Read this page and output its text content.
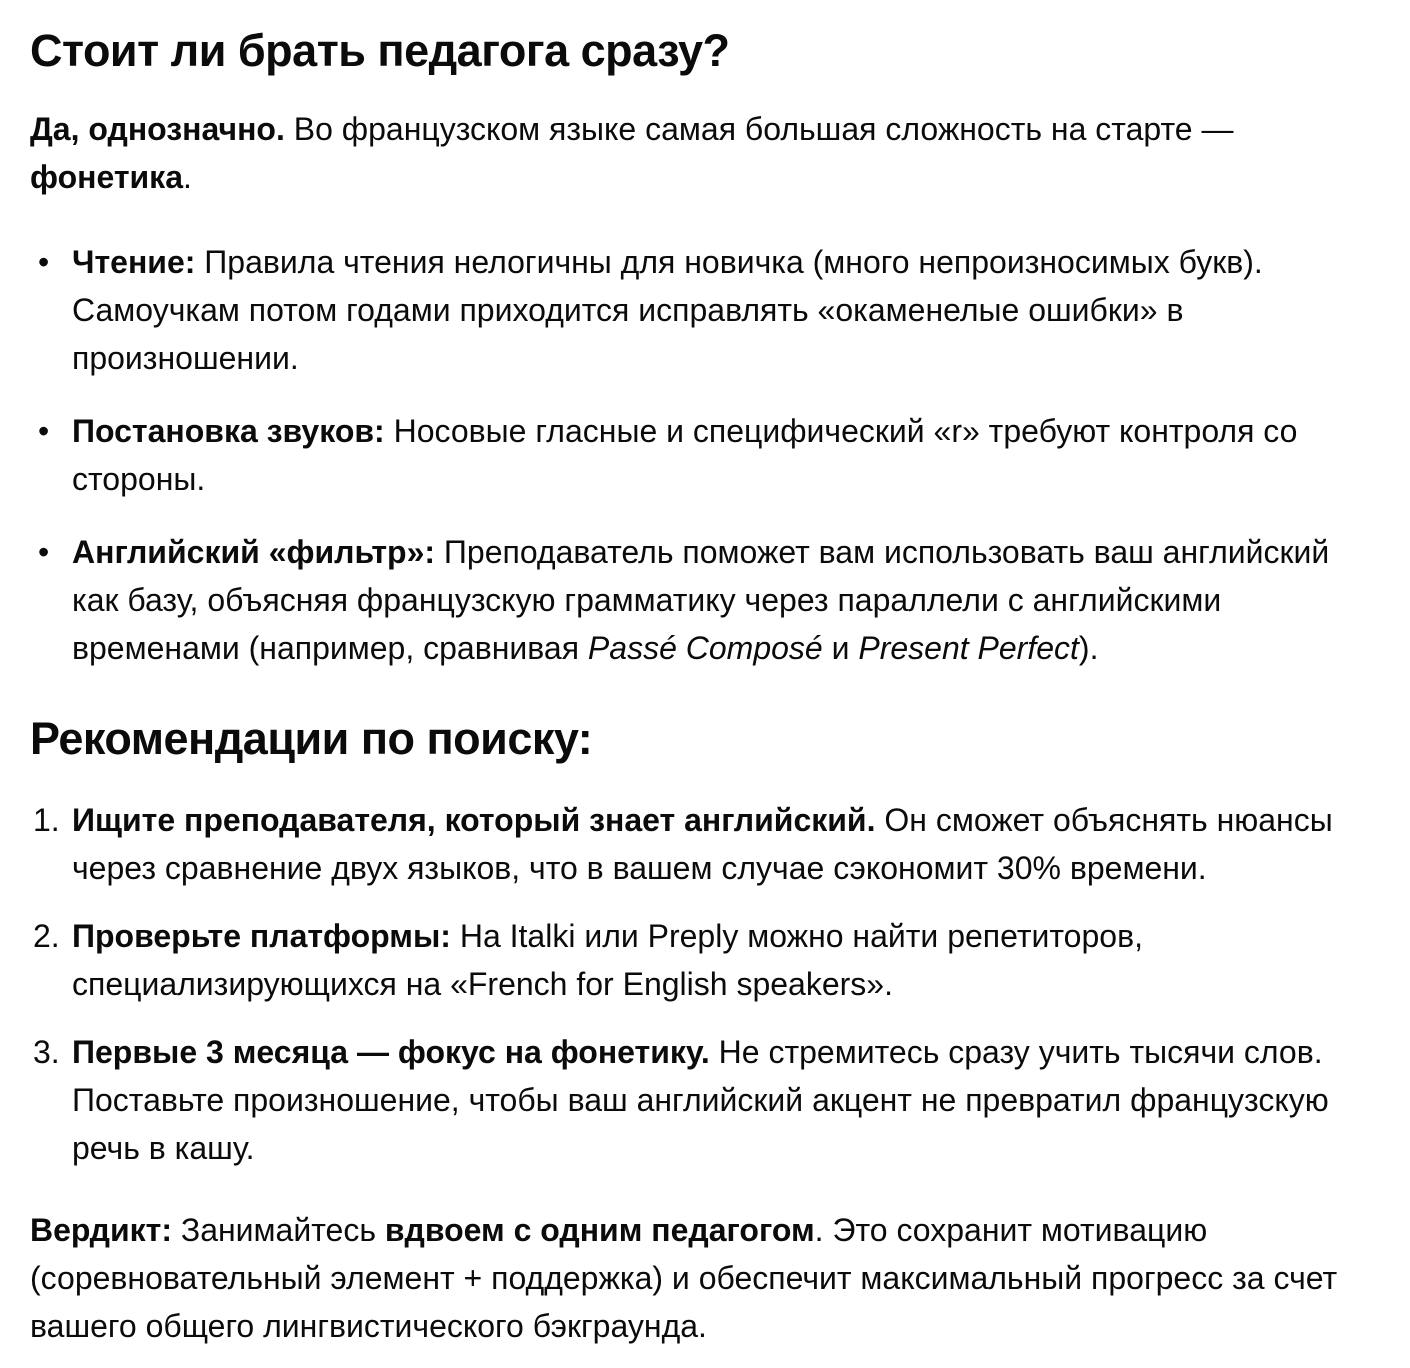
Стоит ли брать педагога сразу?

Да, однозначно. Во французском языке самая большая сложность на старте — фонетика.

• Чтение: Правила чтения нелогичны для новичка (много непроизносимых букв). Самоучкам потом годами приходится исправлять «окаменелые ошибки» в произношении.
• Постановка звуков: Носовые гласные и специфический «r» требуют контроля со стороны.
• Английский «фильтр»: Преподаватель поможет вам использовать ваш английский как базу, объясняя французскую грамматику через параллели с английскими временами (например, сравнивая Passé Composé и Present Perfect).
Рекомендации по поиску:
1. Ищите преподавателя, который знает английский. Он сможет объяснять нюансы через сравнение двух языков, что в вашем случае сэкономит 30% времени.
2. Проверьте платформы: На Italki или Preply можно найти репетиторов, специализирующихся на «French for English speakers».
3. Первые 3 месяца — фокус на фонетику. Не стремитесь сразу учить тысячи слов. Поставьте произношение, чтобы ваш английский акцент не превратил французскую речь в кашу.

Вердикт: Занимайтесь вдвоем с одним педагогом. Это сохранит мотивацию (соревновательный элемент + поддержка) и обеспечит максимальный прогресс за счет вашего общего лингвистического бэкграунда.
